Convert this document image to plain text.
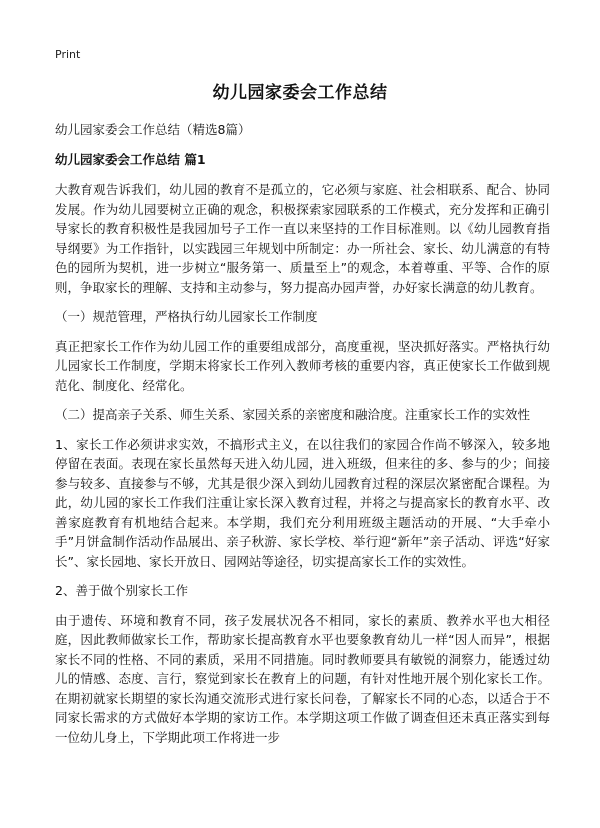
Print
幼儿园家委会工作总结
幼儿园家委会工作总结（精选8篇）
幼儿园家委会工作总结 篇1

大教育观告诉我们，幼儿园的教育不是孤立的，它必须与家庭、社会相联系、配合、协同发展。作为幼儿园要树立正确的观念，积极探索家园联系的工作模式，充分发挥和正确引导家长的教育积极性是我园加号子工作一直以来坚持的工作目标准则。以《幼儿园教育指导纲要》为工作指针，以实践园三年规划中所制定：办一所社会、家长、幼儿满意的有特色的园所为契机，进一步树立“服务第一、质量至上”的观念，本着尊重、平等、合作的原则，争取家长的理解、支持和主动参与，努力提高办园声誉，办好家长满意的幼儿教育。

（一）规范管理，严格执行幼儿园家长工作制度

真正把家长工作作为幼儿园工作的重要组成部分，高度重视，坚决抓好落实。严格执行幼儿园家长工作制度，学期末将家长工作列入教师考核的重要内容，真正使家长工作做到规范化、制度化、经常化。

（二）提高亲子关系、师生关系、家园关系的亲密度和融洽度。注重家长工作的实效性

1、家长工作必须讲求实效，不搞形式主义，在以往我们的家园合作尚不够深入，较多地停留在表面。表现在家长虽然每天进入幼儿园，进入班级，但来往的多、参与的少；间接参与较多、直接参与不够，尤其是很少深入到幼儿园教育过程的深层次紧密配合课程。为此，幼儿园的家长工作我们注重让家长深入教育过程，并将之与提高家长的教育水平、改善家庭教育有机地结合起来。本学期，我们充分利用班级主题活动的开展、“大手牵小手”月饼盒制作活动作品展出、亲子秋游、家长学校、举行迎“新年”亲子活动、评选“好家长”、家长园地、家长开放日、园网站等途径，切实提高家长工作的实效性。

2、善于做个别家长工作

由于遗传、环境和教育不同，孩子发展状况各不相同，家长的素质、教养水平也大相径庭，因此教师做家长工作，帮助家长提高教育水平也要象教育幼儿一样“因人而异”，根据家长不同的性格、不同的素质，采用不同措施。同时教师要具有敏锐的洞察力，能透过幼儿的情感、态度、言行，察觉到家长在教育上的问题，有针对性地开展个别化家长工作。在期初就家长期望的家长沟通交流形式进行家长问卷，了解家长不同的心态，以适合于不同家长需求的方式做好本学期的家访工作。本学期这项工作做了调查但还未真正落实到每一位幼儿身上，下学期此项工作将进一步
